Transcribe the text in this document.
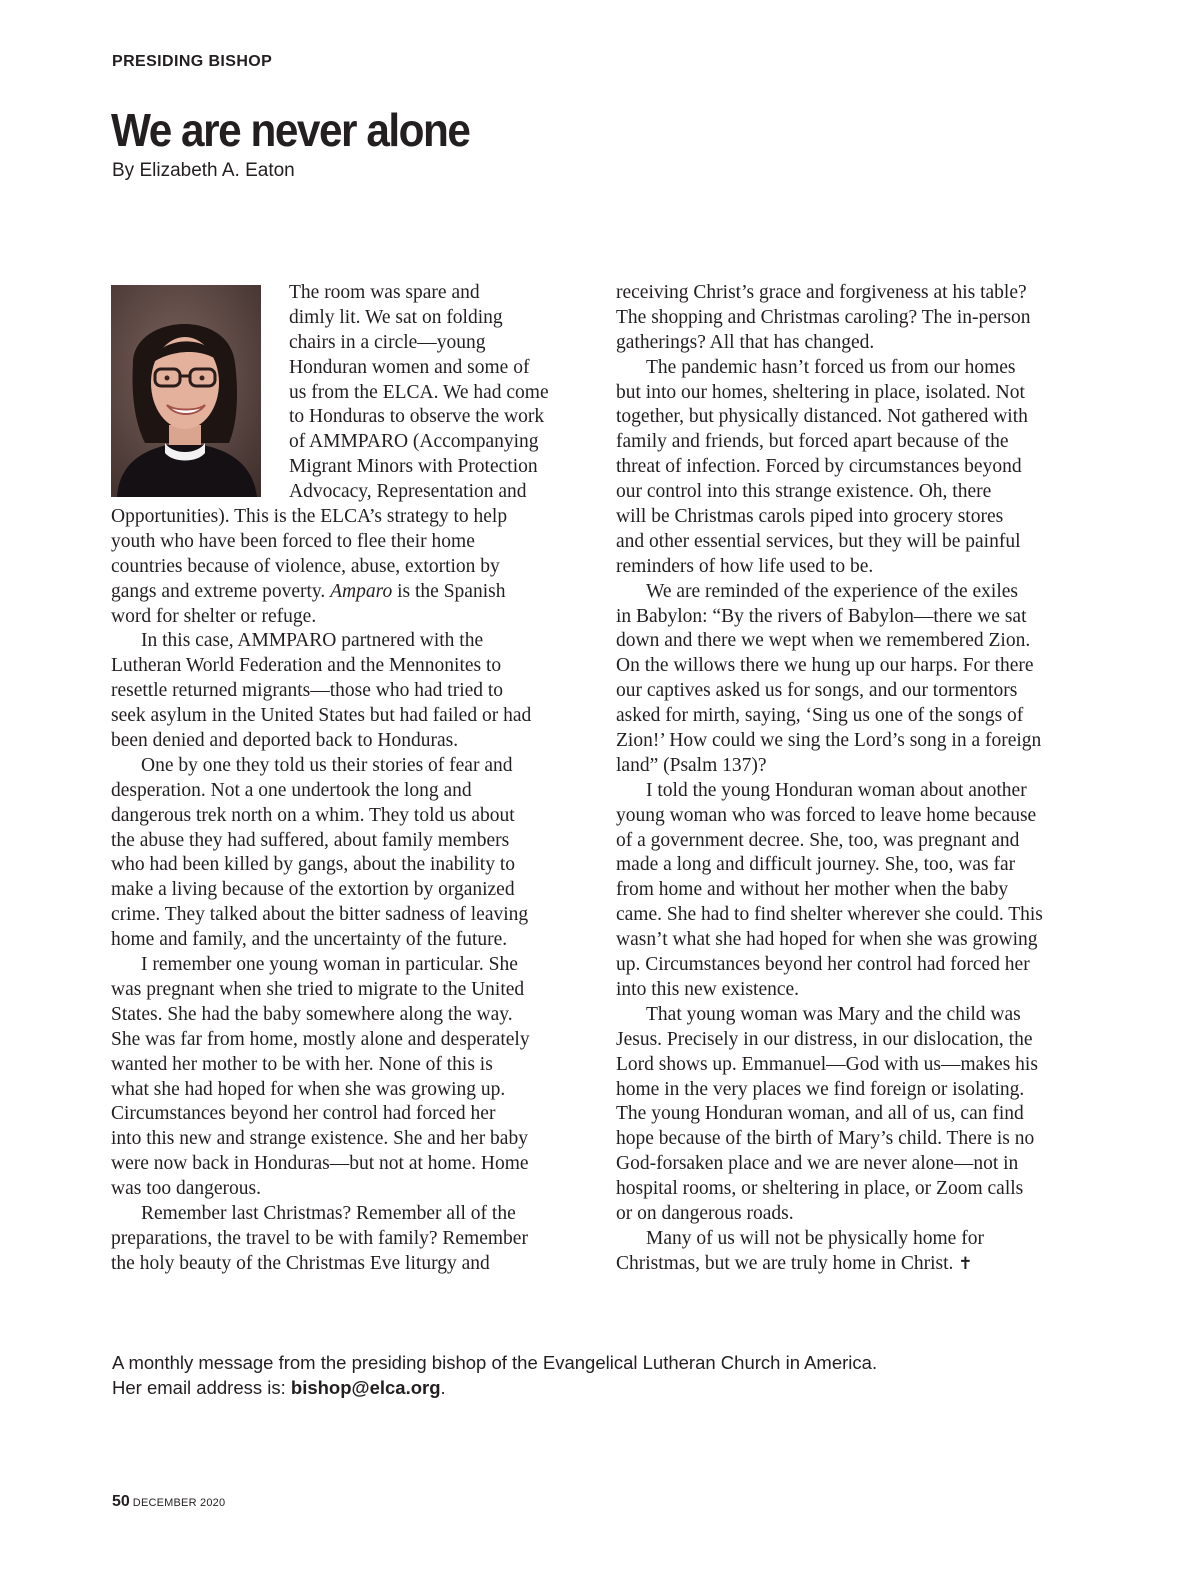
PRESIDING BISHOP

We are never alone

By Elizabeth A. Eaton

The room was spare and
dimly lit. We sat on folding
chairs in a circle—young
Honduran women and some of
us from the ELCA. We had come
to Honduras to observe the work
of AMMPARO (Accompanying
Migrant Minors with Protection
Advocacy, Representation and
Opportunities). This is the ELCA’s strategy to help
youth who have been forced to flee their home
countries because of violence, abuse, extortion by
gangs and extreme poverty. Amparo is the Spanish
word for shelter or refuge.
In this case, AMMPARO partnered with the
Lutheran World Federation and the Mennonites to
resettle returned migrants—those who had tried to
seek asylum in the United States but had failed or had
been denied and deported back to Honduras.
One by one they told us their stories of fear and
desperation. Not a one undertook the long and
dangerous trek north on a whim. They told us about
the abuse they had suffered, about family members
who had been killed by gangs, about the inability to
make a living because of the extortion by organized
crime. They talked about the bitter sadness of leaving
home and family, and the uncertainty of the future.
I remember one young woman in particular. She
was pregnant when she tried to migrate to the United
States. She had the baby somewhere along the way.
She was far from home, mostly alone and desperately
wanted her mother to be with her. None of this is
what she had hoped for when she was growing up.
Circumstances beyond her control had forced her
into this new and strange existence. She and her baby
were now back in Honduras—but not at home. Home
was too dangerous.
Remember last Christmas? Remember all of the
preparations, the travel to be with family? Remember
the holy beauty of the Christmas Eve liturgy and
receiving Christ’s grace and forgiveness at his table?
The shopping and Christmas caroling? The in-person
gatherings? All that has changed.
The pandemic hasn’t forced us from our homes
but into our homes, sheltering in place, isolated. Not
together, but physically distanced. Not gathered with
family and friends, but forced apart because of the
threat of infection. Forced by circumstances beyond
our control into this strange existence. Oh, there
will be Christmas carols piped into grocery stores
and other essential services, but they will be painful
reminders of how life used to be.
We are reminded of the experience of the exiles
in Babylon: “By the rivers of Babylon—there we sat
down and there we wept when we remembered Zion.
On the willows there we hung up our harps. For there
our captives asked us for songs, and our tormentors
asked for mirth, saying, ‘Sing us one of the songs of
Zion!’ How could we sing the Lord’s song in a foreign
land” (Psalm 137)?
I told the young Honduran woman about another
young woman who was forced to leave home because
of a government decree. She, too, was pregnant and
made a long and difficult journey. She, too, was far
from home and without her mother when the baby
came. She had to find shelter wherever she could. This
wasn’t what she had hoped for when she was growing
up. Circumstances beyond her control had forced her
into this new existence.
That young woman was Mary and the child was
Jesus. Precisely in our distress, in our dislocation, the
Lord shows up. Emmanuel—God with us—makes his
home in the very places we find foreign or isolating.
The young Honduran woman, and all of us, can find
hope because of the birth of Mary’s child. There is no
God-forsaken place and we are never alone—not in
hospital rooms, or sheltering in place, or Zoom calls
or on dangerous roads.
Many of us will not be physically home for
Christmas, but we are truly home in Christ. ✝
A monthly message from the presiding bishop of the Evangelical Lutheran Church in America.
Her email address is: bishop@elca.org.

50 DECEMBER 2020
